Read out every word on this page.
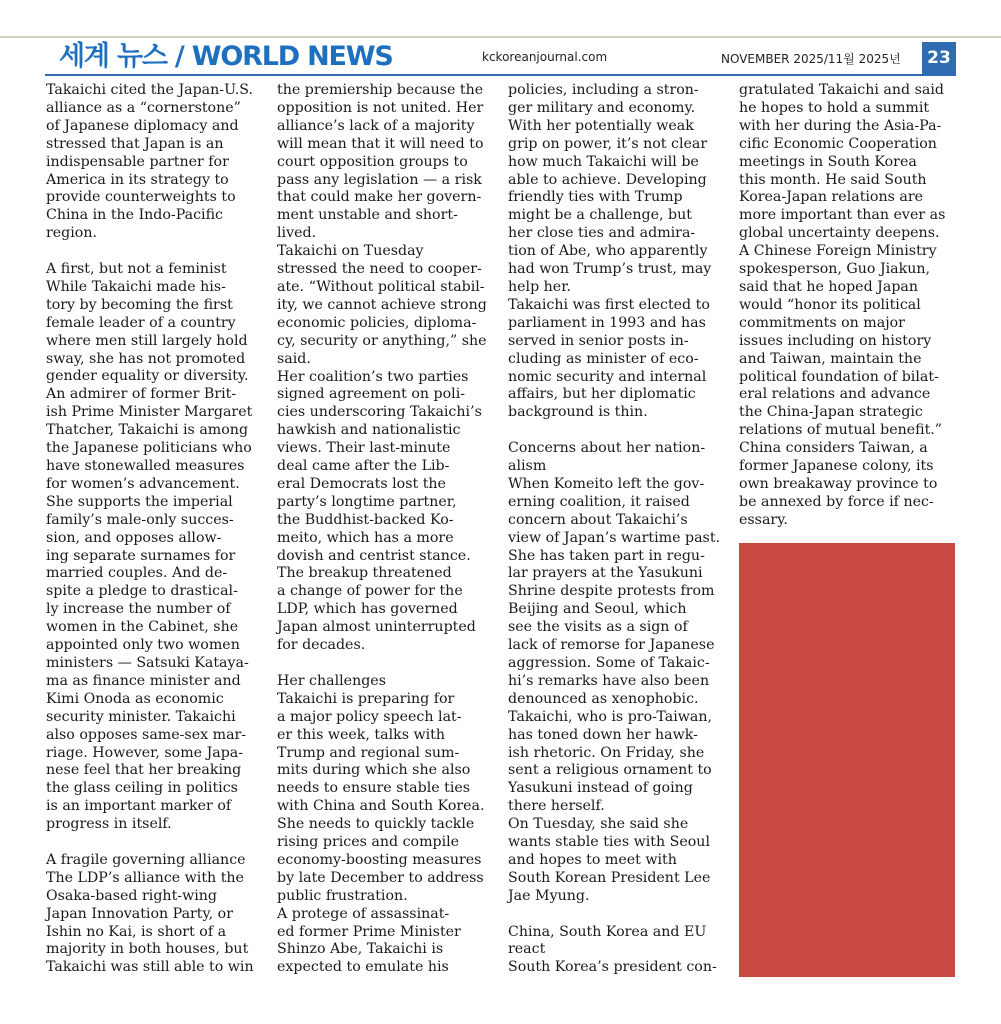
세계 뉴스 / WORLD NEWS	kckoreanjournal.com	NOVEMBER 2025/11월 2025년	23

Takaichi cited the Japan-U.S.
alliance as a “cornerstone”
of Japanese diplomacy and
stressed that Japan is an
indispensable partner for
America in its strategy to
provide counterweights to
China in the Indo-Pacific
region.

A first, but not a feminist
While Takaichi made his-
tory by becoming the first
female leader of a country
where men still largely hold
sway, she has not promoted
gender equality or diversity.
An admirer of former Brit-
ish Prime Minister Margaret
Thatcher, Takaichi is among
the Japanese politicians who
have stonewalled measures
for women’s advancement.
She supports the imperial
family’s male-only succes-
sion, and opposes allow-
ing separate surnames for
married couples. And de-
spite a pledge to drastical-
ly increase the number of
women in the Cabinet, she
appointed only two women
ministers — Satsuki Kataya-
ma as finance minister and
Kimi Onoda as economic
security minister. Takaichi
also opposes same-sex mar-
riage. However, some Japa-
nese feel that her breaking
the glass ceiling in politics
is an important marker of
progress in itself.

A fragile governing alliance
The LDP’s alliance with the
Osaka-based right-wing
Japan Innovation Party, or
Ishin no Kai, is short of a
majority in both houses, but
Takaichi was still able to win

the premiership because the
opposition is not united. Her
alliance’s lack of a majority
will mean that it will need to
court opposition groups to
pass any legislation — a risk
that could make her govern-
ment unstable and short-
lived.

Takaichi on Tuesday
stressed the need to cooper-
ate. “Without political stabil-
ity, we cannot achieve strong
economic policies, diploma-
cy, security or anything,” she
said.

Her coalition’s two parties
signed agreement on poli-
cies underscoring Takaichi’s
hawkish and nationalistic
views. Their last-minute
deal came after the Lib-
eral Democrats lost the
party’s longtime partner,
the Buddhist-backed Ko-
meito, which has a more
dovish and centrist stance.
The breakup threatened
a change of power for the
LDP, which has governed
Japan almost uninterrupted
for decades.

Her challenges
Takaichi is preparing for
a major policy speech lat-
er this week, talks with
Trump and regional sum-
mits during which she also
needs to ensure stable ties
with China and South Korea.
She needs to quickly tackle
rising prices and compile
economy-boosting measures
by late December to address
public frustration.

A protege of assassinat-
ed former Prime Minister
Shinzo Abe, Takaichi is
expected to emulate his

policies, including a stron-
ger military and economy.
With her potentially weak
grip on power, it’s not clear
how much Takaichi will be
able to achieve. Developing
friendly ties with Trump
might be a challenge, but
her close ties and admira-
tion of Abe, who apparently
had won Trump’s trust, may
help her.

Takaichi was first elected to
parliament in 1993 and has
served in senior posts in-
cluding as minister of eco-
nomic security and internal
affairs, but her diplomatic
background is thin.

Concerns about her nation-
alism

When Komeito left the gov-
erning coalition, it raised
concern about Takaichi’s
view of Japan’s wartime past.
She has taken part in regu-
lar prayers at the Yasukuni
Shrine despite protests from
Beijing and Seoul, which
see the visits as a sign of
lack of remorse for Japanese
aggression. Some of Takaic-
hi’s remarks have also been
denounced as xenophobic.
Takaichi, who is pro-Taiwan,
has toned down her hawk-
ish rhetoric. On Friday, she
sent a religious ornament to
Yasukuni instead of going
there herself.

On Tuesday, she said she
wants stable ties with Seoul
and hopes to meet with
South Korean President Lee
Jae Myung.

China, South Korea and EU
react

South Korea’s president con-

gratulated Takaichi and said
he hopes to hold a summit
with her during the Asia-Pa-
cific Economic Cooperation
meetings in South Korea
this month. He said South
Korea-Japan relations are
more important than ever as
global uncertainty deepens.

A Chinese Foreign Ministry
spokesperson, Guo Jiakun,
said that he hoped Japan
would “honor its political
commitments on major
issues including on history
and Taiwan, maintain the
political foundation of bilat-
eral relations and advance
the China-Japan strategic
relations of mutual benefit.”

China considers Taiwan, a
former Japanese colony, its
own breakaway province to
be annexed by force if nec-
essary.
